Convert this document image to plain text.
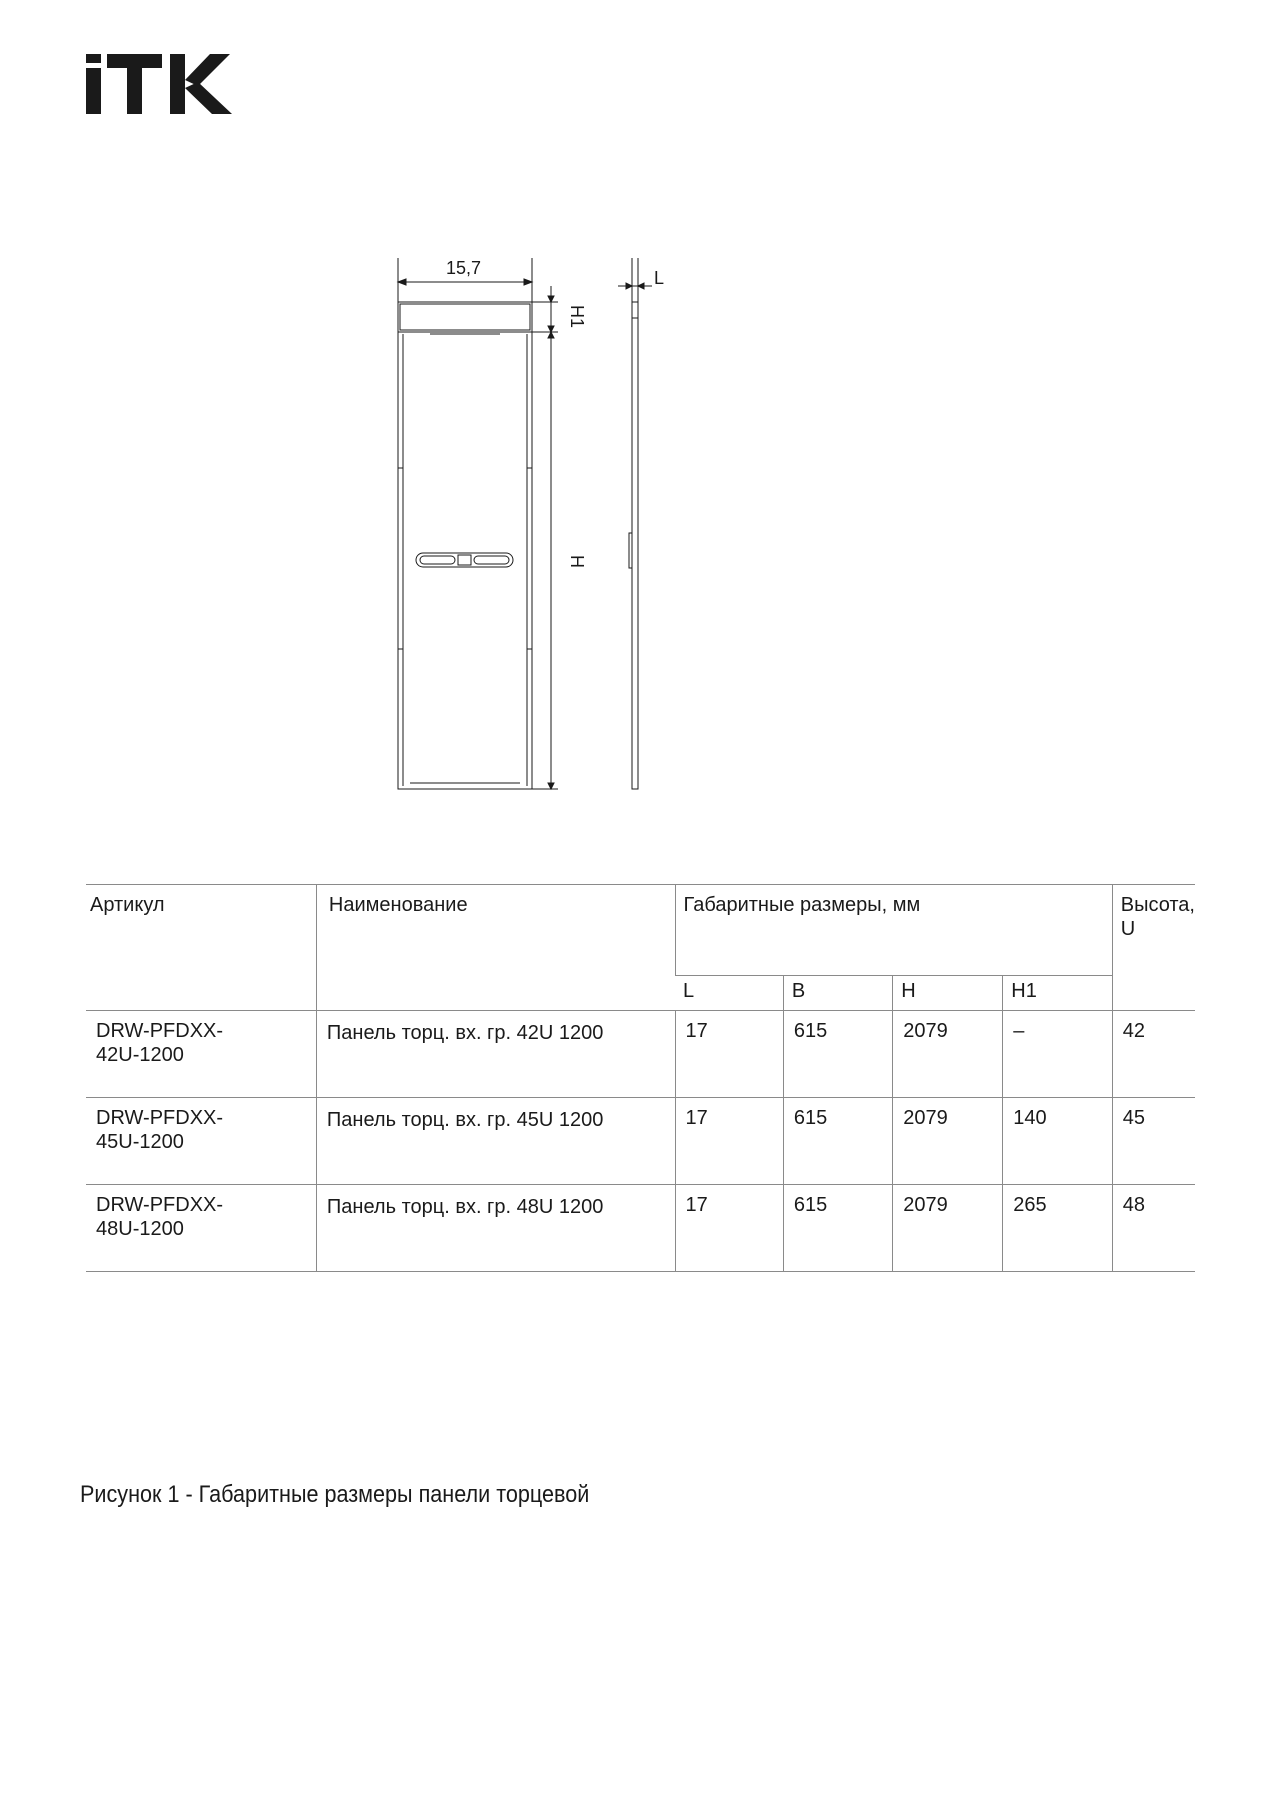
15,7	L
H1
H
Артикул	Наименование	Габаритные размеры, мм				Высота,
U
		L	B	H	H1	
DRW-PFDXX-
42U-1200	Панель торц. вх. гр. 42U 1200	17	615	2079	–	42
DRW-PFDXX-
45U-1200	Панель торц. вх. гр. 45U 1200	17	615	2079	140	45
DRW-PFDXX-
48U-1200	Панель торц. вх. гр. 48U 1200	17	615	2079	265	48
Рисунок 1 - Габаритные размеры панели торцевой
